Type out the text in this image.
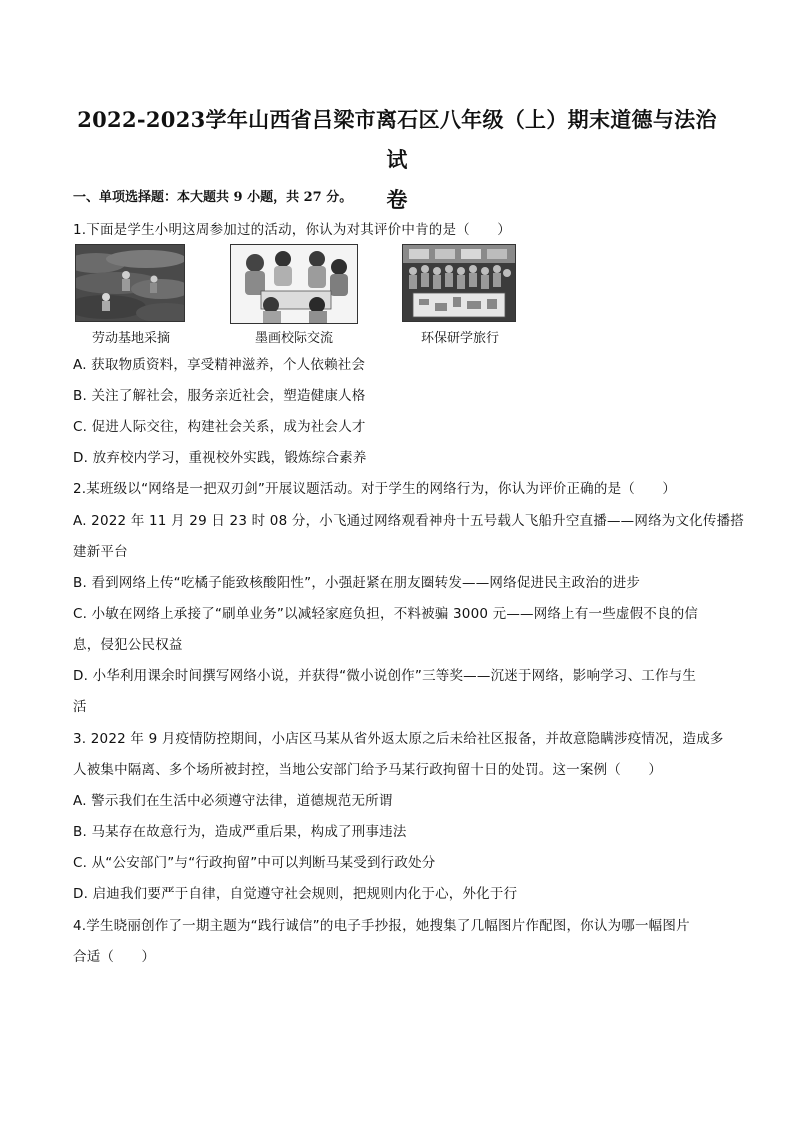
2022-2023学年山西省吕梁市离石区八年级（上）期末道德与法治试
卷
一、单项选择题：本大题共 9 小题，共 27 分。
1.下面是学生小明这周参加过的活动，你认为对其评价中肯的是（　　）
劳动基地采摘	墨画校际交流	环保研学旅行
A. 获取物质资料，享受精神滋养，个人依赖社会
B. 关注了解社会，服务亲近社会，塑造健康人格
C. 促进人际交往，构建社会关系，成为社会人才
D. 放弃校内学习，重视校外实践，锻炼综合素养
2.某班级以“网络是一把双刃剑”开展议题活动。对于学生的网络行为，你认为评价正确的是（　　）
A. 2022 年 11 月 29 日 23 时 08 分，小飞通过网络观看神舟十五号载人飞船升空直播——网络为文化传播搭
建新平台
B. 看到网络上传“吃橘子能致核酸阳性”，小强赶紧在朋友圈转发——网络促进民主政治的进步
C. 小敏在网络上承接了“刷单业务”以减轻家庭负担，不料被骗 3000 元——网络上有一些虚假不良的信
息，侵犯公民权益
D. 小华利用课余时间撰写网络小说，并获得“微小说创作”三等奖——沉迷于网络，影响学习、工作与生
活
3. 2022 年 9 月疫情防控期间，小店区马某从省外返太原之后未给社区报备，并故意隐瞒涉疫情况，造成多
人被集中隔离、多个场所被封控，当地公安部门给予马某行政拘留十日的处罚。这一案例（　　）
A. 警示我们在生活中必须遵守法律，道德规范无所谓
B. 马某存在故意行为，造成严重后果，构成了刑事违法
C. 从“公安部门”与“行政拘留”中可以判断马某受到行政处分
D. 启迪我们要严于自律，自觉遵守社会规则，把规则内化于心，外化于行
4.学生晓丽创作了一期主题为“践行诚信”的电子手抄报，她搜集了几幅图片作配图，你认为哪一幅图片
合适（　　）
